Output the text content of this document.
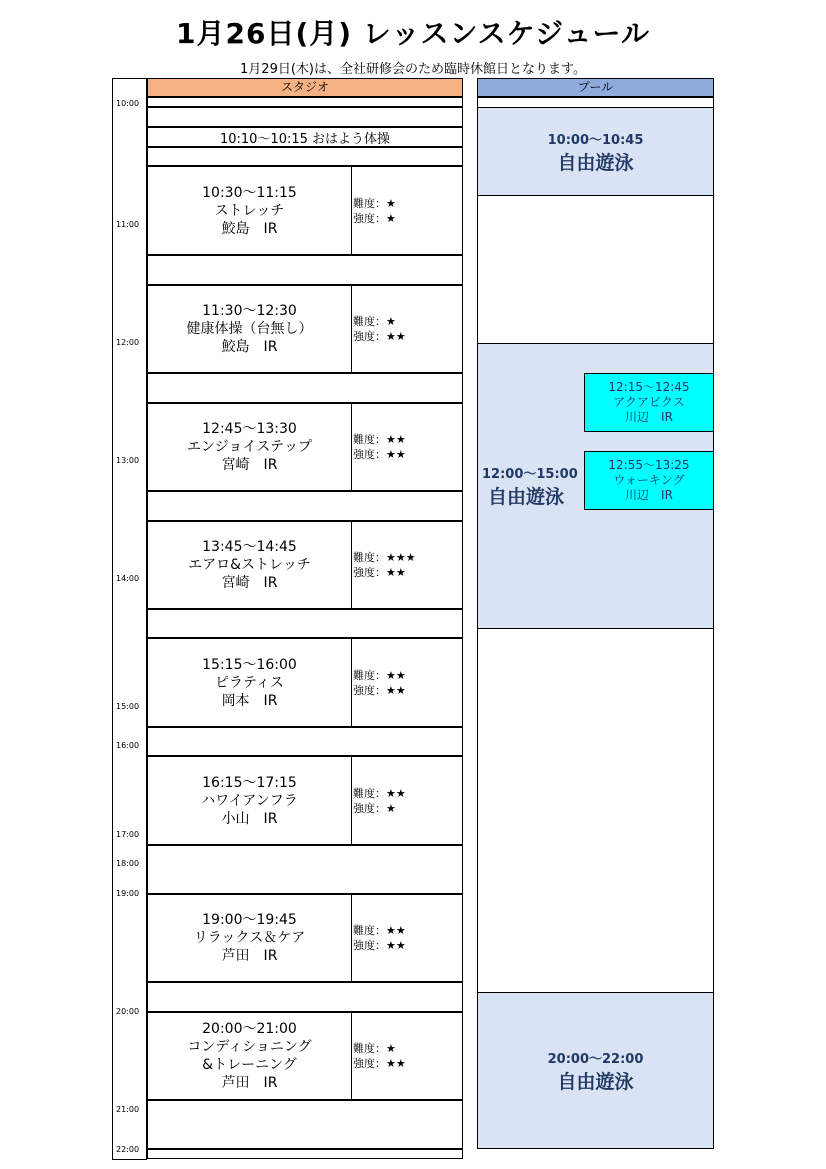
1月26日(月) レッスンスケジュール
1月29日(木)は、全社研修会のため臨時休館日となります。
スタジオ	プール
10:00
11:00
12:00
13:00
14:00
15:00
16:00
17:00
18:00
19:00
20:00
21:00
22:00
10:10～10:15 おはよう体操
10:30～11:15
ストレッチ
鮫島　IR
難度：★
強度：★
11:30～12:30
健康体操（台無し）
鮫島　IR
難度：★
強度：★★
12:45～13:30
エンジョイステップ
宮崎　IR
難度：★★
強度：★★
13:45～14:45
エアロ&ストレッチ
宮崎　IR
難度：★★★
強度：★★
15:15～16:00
ピラティス
岡本　IR
難度：★★
強度：★★
16:15～17:15
ハワイアンフラ
小山　IR
難度：★★
強度：★
19:00～19:45
リラックス＆ケア
芦田　IR
難度：★★
強度：★★
20:00～21:00
コンディショニング
&トレーニング
芦田　IR
難度：★
強度：★★
10:00～10:45
自由遊泳
12:00～15:00
自由遊泳
12:15～12:45
アクアビクス
川辺　IR
12:55～13:25
ウォーキング
川辺　IR
20:00～22:00
自由遊泳
